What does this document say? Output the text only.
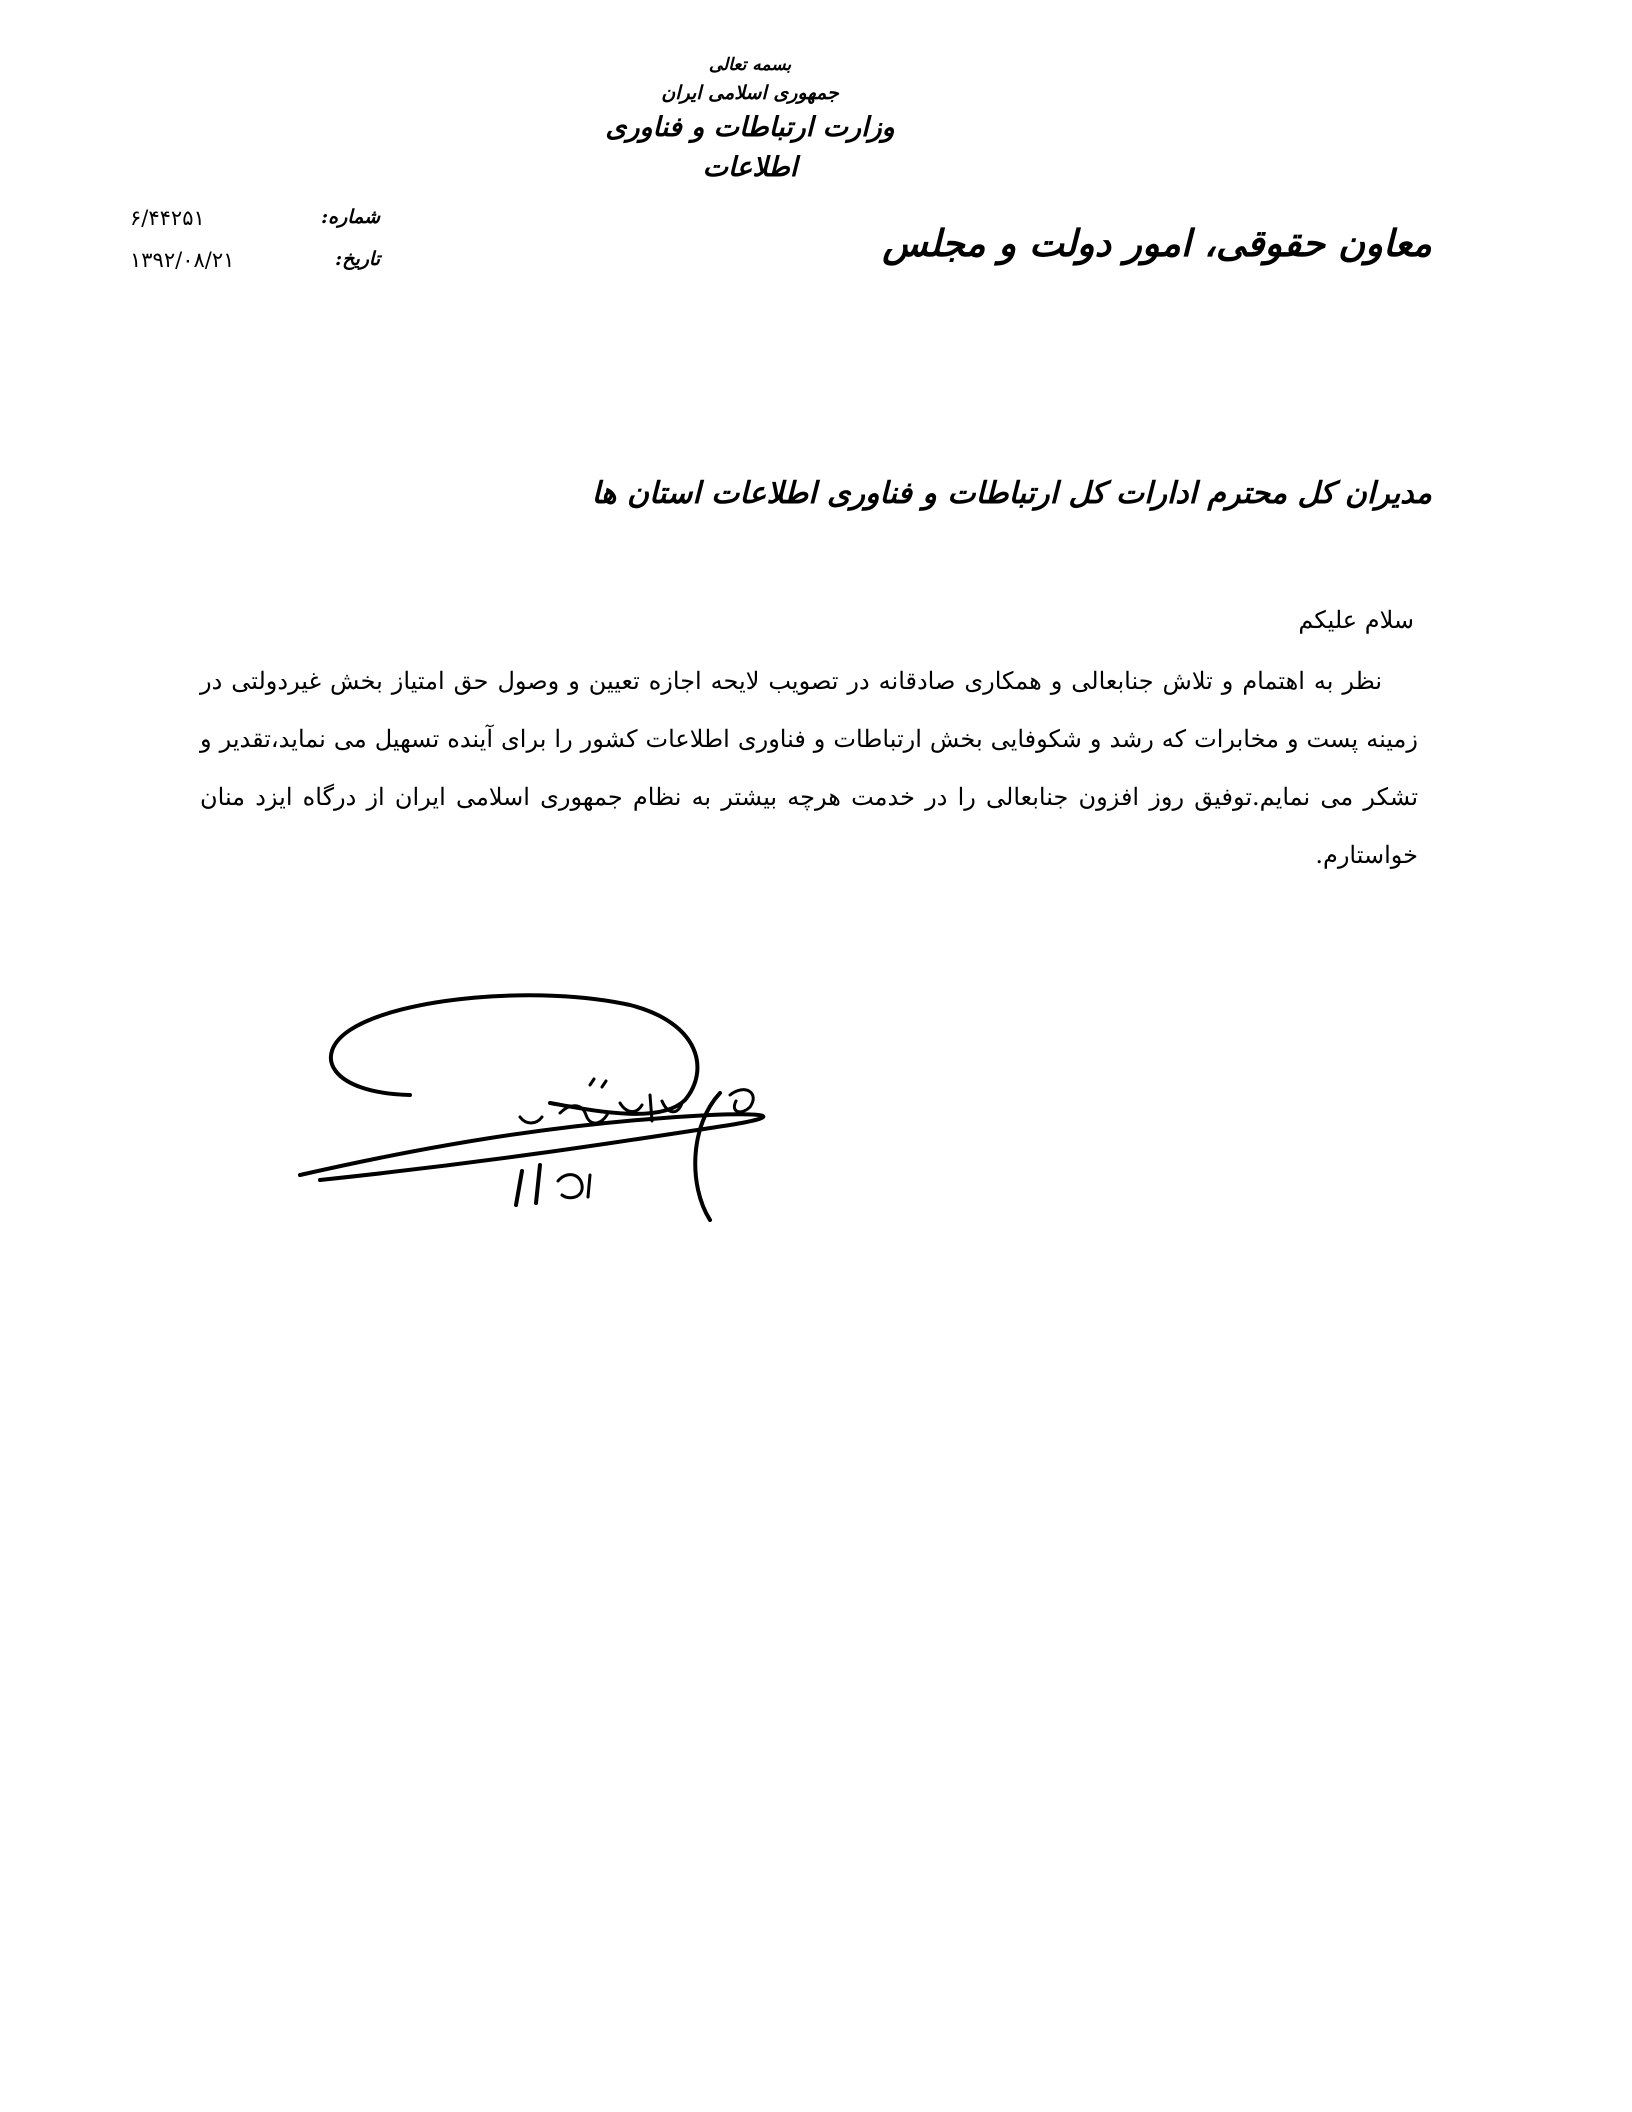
بسمه تعالی
جمهوری اسلامی ایران
وزارت ارتباطات و فناوری اطلاعات
شماره:
۶/۴۴۲۵۱
تاریخ:
۱۳۹۲/۰۸/۲۱	معاون حقوقی، امور دولت و مجلس
مدیران کل محترم ادارات کل ارتباطات و فناوری اطلاعات استان ها
سلام علیکم
نظر به اهتمام و تلاش جنابعالی و همکاری صادقانه در تصویب لایحه اجازه تعیین و وصول حق امتیاز بخش غیردولتی در زمینه پست و مخابرات که رشد و شکوفایی بخش ارتباطات و فناوری اطلاعات کشور را برای آینده تسهیل می نماید،تقدیر و تشکر می نمایم.توفیق روز افزون جنابعالی را در خدمت هرچه بیشتر به نظام جمهوری اسلامی ایران از درگاه ایزد منان خواستارم.
